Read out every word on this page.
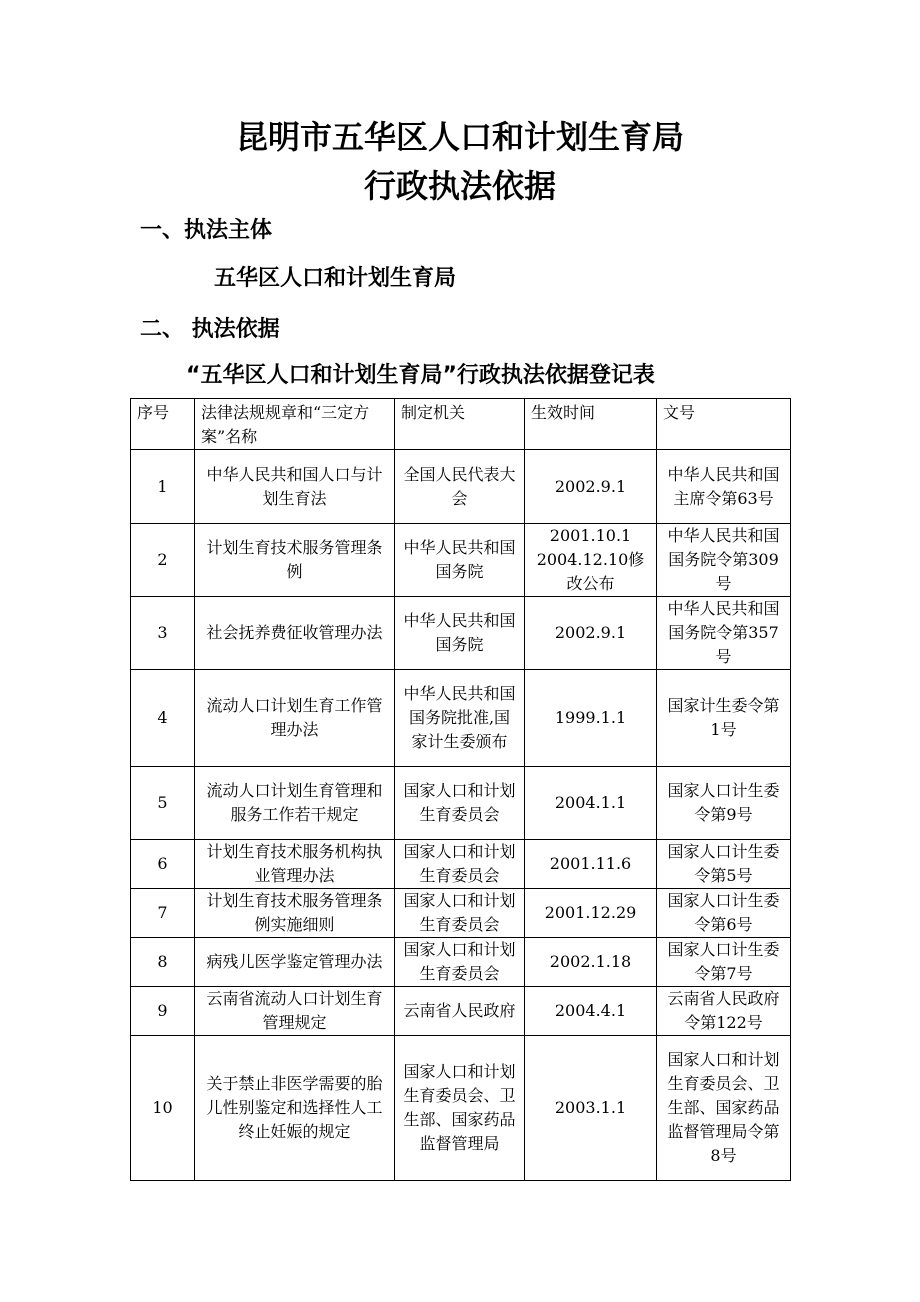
昆明市五华区人口和计划生育局
行政执法依据
一、执法主体
五华区人口和计划生育局
二、 执法依据
“五华区人口和计划生育局”行政执法依据登记表
序号	法律法规规章和“三定方案”名称	制定机关	生效时间	文号
1	中华人民共和国人口与计划生育法	全国人民代表大会	2002.9.1	中华人民共和国主席令第63号
2	计划生育技术服务管理条例	中华人民共和国国务院	2001.10.1 2004.12.10修改公布	中华人民共和国国务院令第309号
3	社会抚养费征收管理办法	中华人民共和国国务院	2002.9.1	中华人民共和国国务院令第357号
4	流动人口计划生育工作管理办法	中华人民共和国国务院批准,国家计生委颁布	1999.1.1	国家计生委令第1号
5	流动人口计划生育管理和服务工作若干规定	国家人口和计划生育委员会	2004.1.1	国家人口计生委令第9号
6	计划生育技术服务机构执业管理办法	国家人口和计划生育委员会	2001.11.6	国家人口计生委令第5号
7	计划生育技术服务管理条例实施细则	国家人口和计划生育委员会	2001.12.29	国家人口计生委令第6号
8	病残儿医学鉴定管理办法	国家人口和计划生育委员会	2002.1.18	国家人口计生委令第7号
9	云南省流动人口计划生育管理规定	云南省人民政府	2004.4.1	云南省人民政府令第122号
10	关于禁止非医学需要的胎儿性别鉴定和选择性人工终止妊娠的规定	国家人口和计划生育委员会、卫生部、国家药品监督管理局	2003.1.1	国家人口和计划生育委员会、卫生部、国家药品监督管理局令第8号
